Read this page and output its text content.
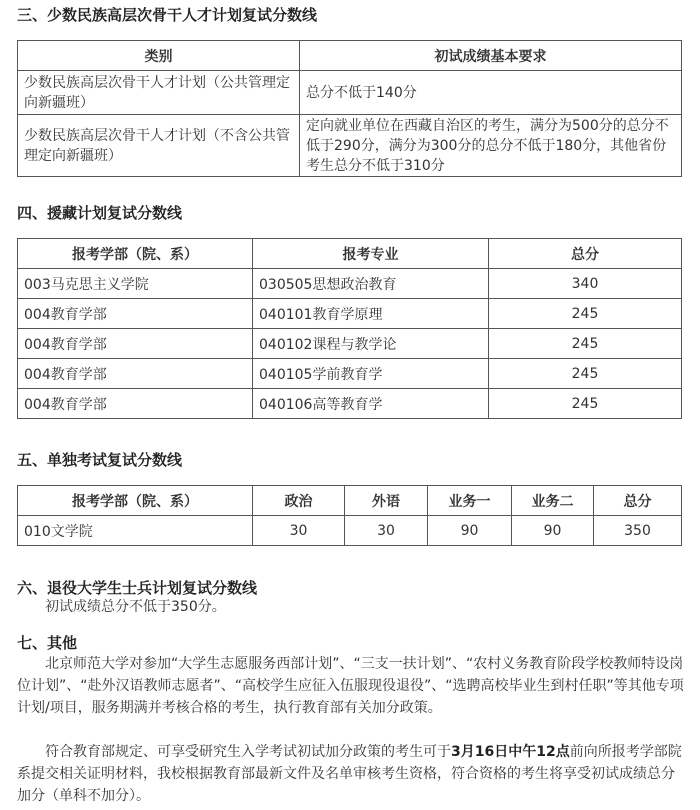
三、少数民族高层次骨干人才计划复试分数线
类别	初试成绩基本要求
少数民族高层次骨干人才计划（公共管理定向新疆班）	总分不低于140分
少数民族高层次骨干人才计划（不含公共管理定向新疆班）	定向就业单位在西藏自治区的考生，满分为500分的总分不低于290分，满分为300分的总分不低于180分，其他省份考生总分不低于310分
四、援藏计划复试分数线
报考学部（院、系）	报考专业	总分
003马克思主义学院	030505思想政治教育	340
004教育学部	040101教育学原理	245
004教育学部	040102课程与教学论	245
004教育学部	040105学前教育学	245
004教育学部	040106高等教育学	245
五、单独考试复试分数线
报考学部（院、系）	政治	外语	业务一	业务二	总分
010文学院	30	30	90	90	350
六、退役大学生士兵计划复试分数线

初试成绩总分不低于350分。

七、其他

北京师范大学对参加“大学生志愿服务西部计划”、“三支一扶计划”、“农村义务教育阶段学校教师特设岗位计划”、“赴外汉语教师志愿者”、“高校学生应征入伍服现役退役”、“选聘高校毕业生到村任职”等其他专项计划/项目，服务期满并考核合格的考生，执行教育部有关加分政策。

符合教育部规定、可享受研究生入学考试初试加分政策的考生可于3月16日中午12点前向所报考学部院系提交相关证明材料，我校根据教育部最新文件及名单审核考生资格，符合资格的考生将享受初试成绩总分加分（单科不加分）。
